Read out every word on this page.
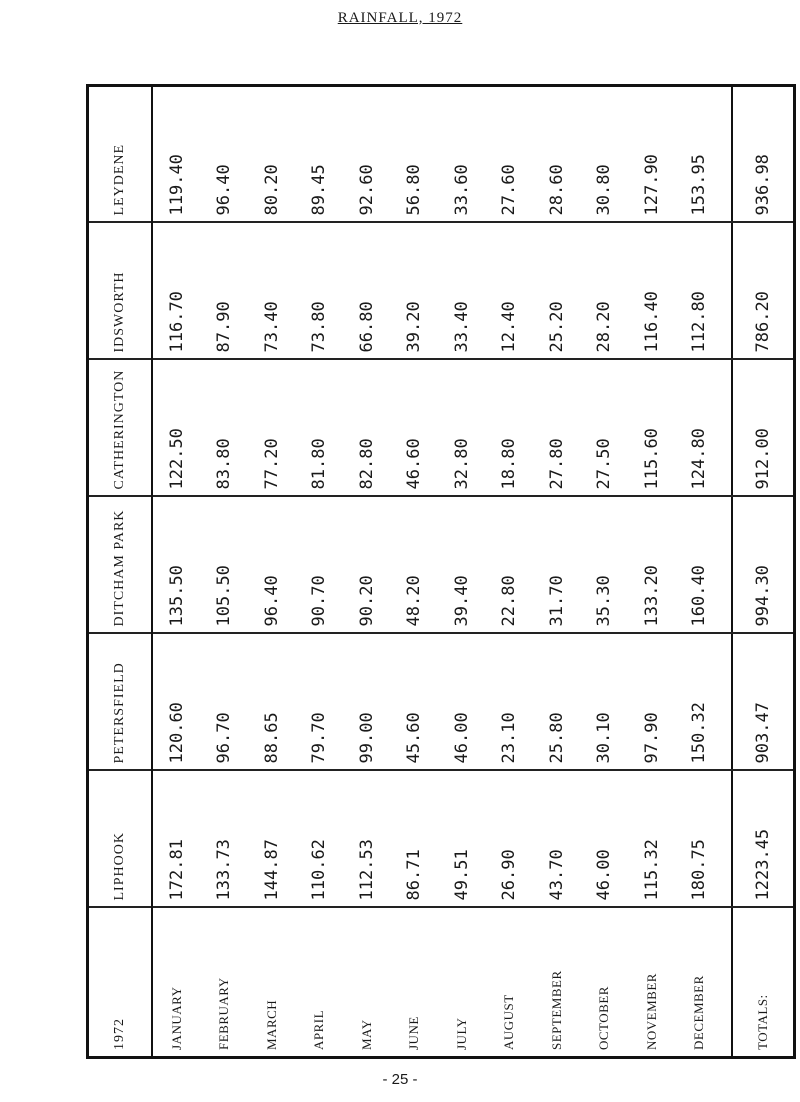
RAINFALL, 1972
1972	LIPHOOK	PETERSFIELD	DITCHAM PARK	CATHERINGTON	IDSWORTH	LEYDENE
JANUARY	172.81	120.60	135.50	122.50	116.70	119.40
FEBRUARY	133.73	96.70	105.50	83.80	87.90	96.40
MARCH	144.87	88.65	96.40	77.20	73.40	80.20
APRIL	110.62	79.70	90.70	81.80	73.80	89.45
MAY	112.53	99.00	90.20	82.80	66.80	92.60
JUNE	86.71	45.60	48.20	46.60	39.20	56.80
JULY	49.51	46.00	39.40	32.80	33.40	33.60
AUGUST	26.90	23.10	22.80	18.80	12.40	27.60
SEPTEMBER	43.70	25.80	31.70	27.80	25.20	28.60
OCTOBER	46.00	30.10	35.30	27.50	28.20	30.80
NOVEMBER	115.32	97.90	133.20	115.60	116.40	127.90
DECEMBER	180.75	150.32	160.40	124.80	112.80	153.95

TOTALS:	1223.45	903.47	994.30	912.00	786.20	936.98
- 25 -
